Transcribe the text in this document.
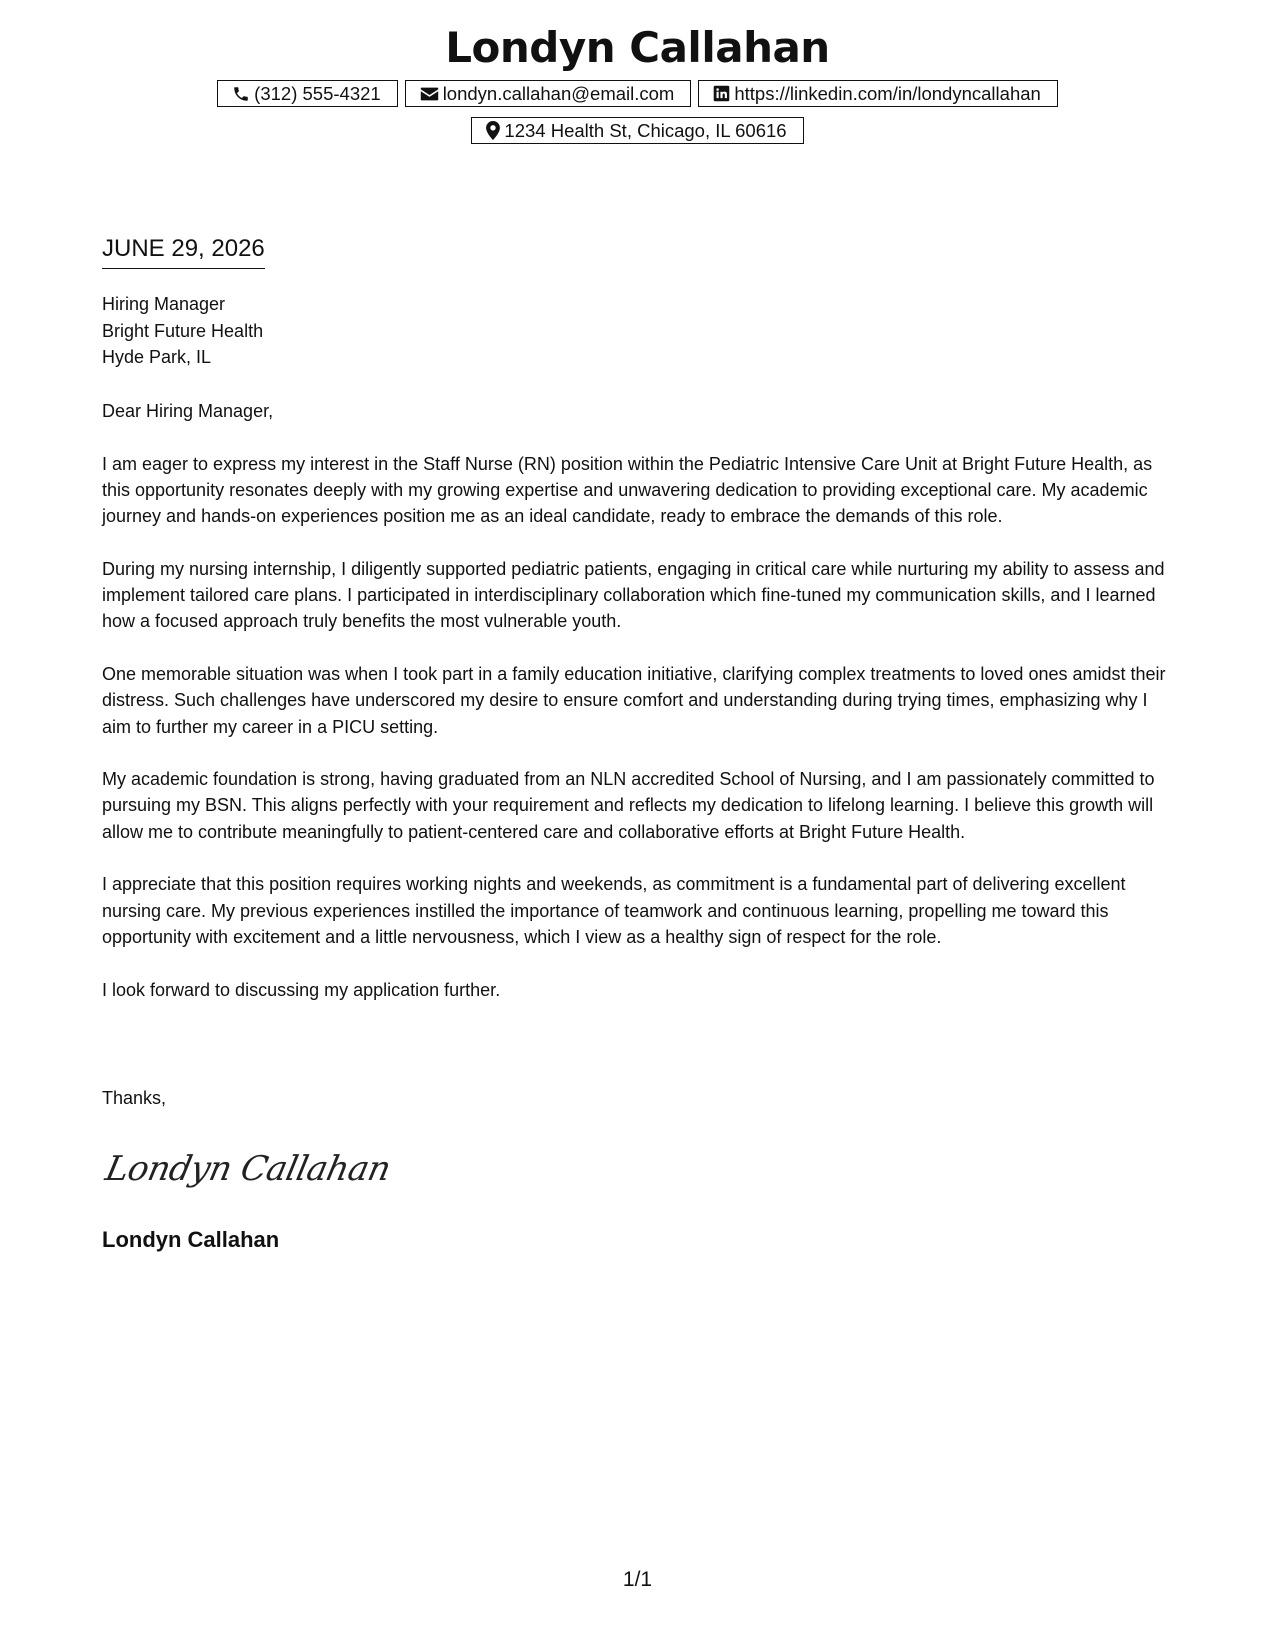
Londyn Callahan
(312) 555-4321	londyn.callahan@email.com	https://linkedin.com/in/londyncallahan
1234 Health St, Chicago, IL 60616
JUNE 29, 2026
Hiring Manager
Bright Future Health
Hyde Park, IL

Dear Hiring Manager,

I am eager to express my interest in the Staff Nurse (RN) position within the Pediatric Intensive Care Unit at Bright Future Health, as this opportunity resonates deeply with my growing expertise and unwavering dedication to providing exceptional care. My academic journey and hands-on experiences position me as an ideal candidate, ready to embrace the demands of this role.

During my nursing internship, I diligently supported pediatric patients, engaging in critical care while nurturing my ability to assess and implement tailored care plans. I participated in interdisciplinary collaboration which fine-tuned my communication skills, and I learned how a focused approach truly benefits the most vulnerable youth.

One memorable situation was when I took part in a family education initiative, clarifying complex treatments to loved ones amidst their distress. Such challenges have underscored my desire to ensure comfort and understanding during trying times, emphasizing why I aim to further my career in a PICU setting.

My academic foundation is strong, having graduated from an NLN accredited School of Nursing, and I am passionately committed to pursuing my BSN. This aligns perfectly with your requirement and reflects my dedication to lifelong learning. I believe this growth will allow me to contribute meaningfully to patient-centered care and collaborative efforts at Bright Future Health.

I appreciate that this position requires working nights and weekends, as commitment is a fundamental part of delivering excellent nursing care. My previous experiences instilled the importance of teamwork and continuous learning, propelling me toward this opportunity with excitement and a little nervousness, which I view as a healthy sign of respect for the role.

I look forward to discussing my application further.

Thanks,
Londyn Callahan
Londyn Callahan
1/1
